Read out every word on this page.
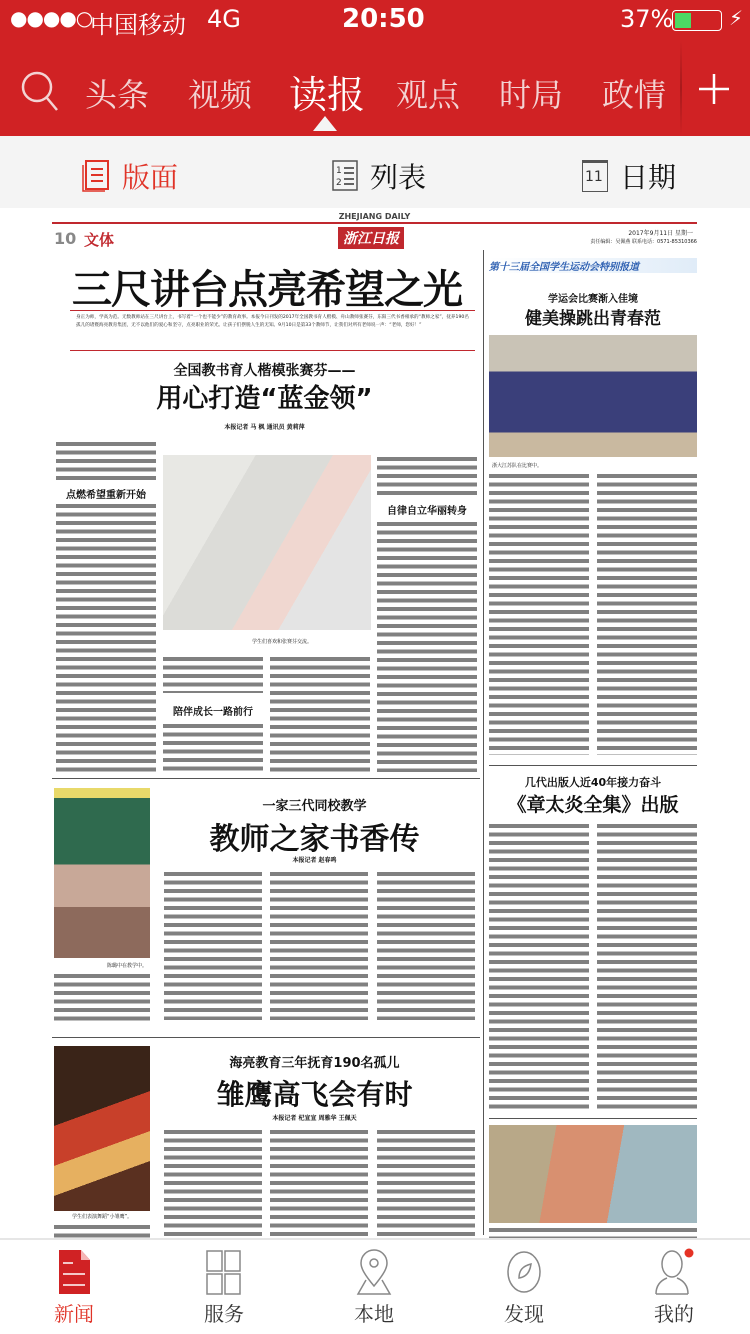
●●●●○
中国移动 4G	20:50	37%	⚡
头条 视频 读报 观点 时局 政情
版面	1
2 列表	11 日期
ZHEJIANG DAILY
10 文体	浙江日报	2017年9月11日 星期一
责任编辑：吴佩燕 联系电话：0571-85310366
三尺讲台点亮希望之光
身正为师，学高为范。无数教师站在三尺讲台上，书写着“一个也不能少”的教育故事。本报今日刊发的2017年全国教书育人楷模、舟山教师张赛芬，东阳三代书香相承的“教师之家”，抚养190名孤儿的诸暨海亮教育集团，无不以他们的爱心和坚守，点亮职业的荣光。让孩子们摆脱人生的无知。9月10日是第33个教师节，让我们对所有老师说一声：“老师，您好！”
全国教书育人楷模张赛芬——
用心打造“蓝金领”
本报记者 马 枫 通讯员 黄莉萍
点燃希望重新开始
学生们喜欢和张赛芬交流。
陪伴成长一路前行
自律自立华丽转身
第十三届全国学生运动会特别报道
学运会比赛渐入佳境
健美操跳出青春范
浙大江苏队在比赛中。
陈璐中在教学中。
一家三代同校教学
教师之家书香传
本报记者 赵春鸣
几代出版人近40年接力奋斗
《章太炎全集》出版
学生们表演舞蹈“小雏鹰”。
海亮教育三年抚育190名孤儿
雏鹰高飞会有时
本报记者 杞宣宣 周雅华 王佩天
新闻	服务	本地	发现	我的
